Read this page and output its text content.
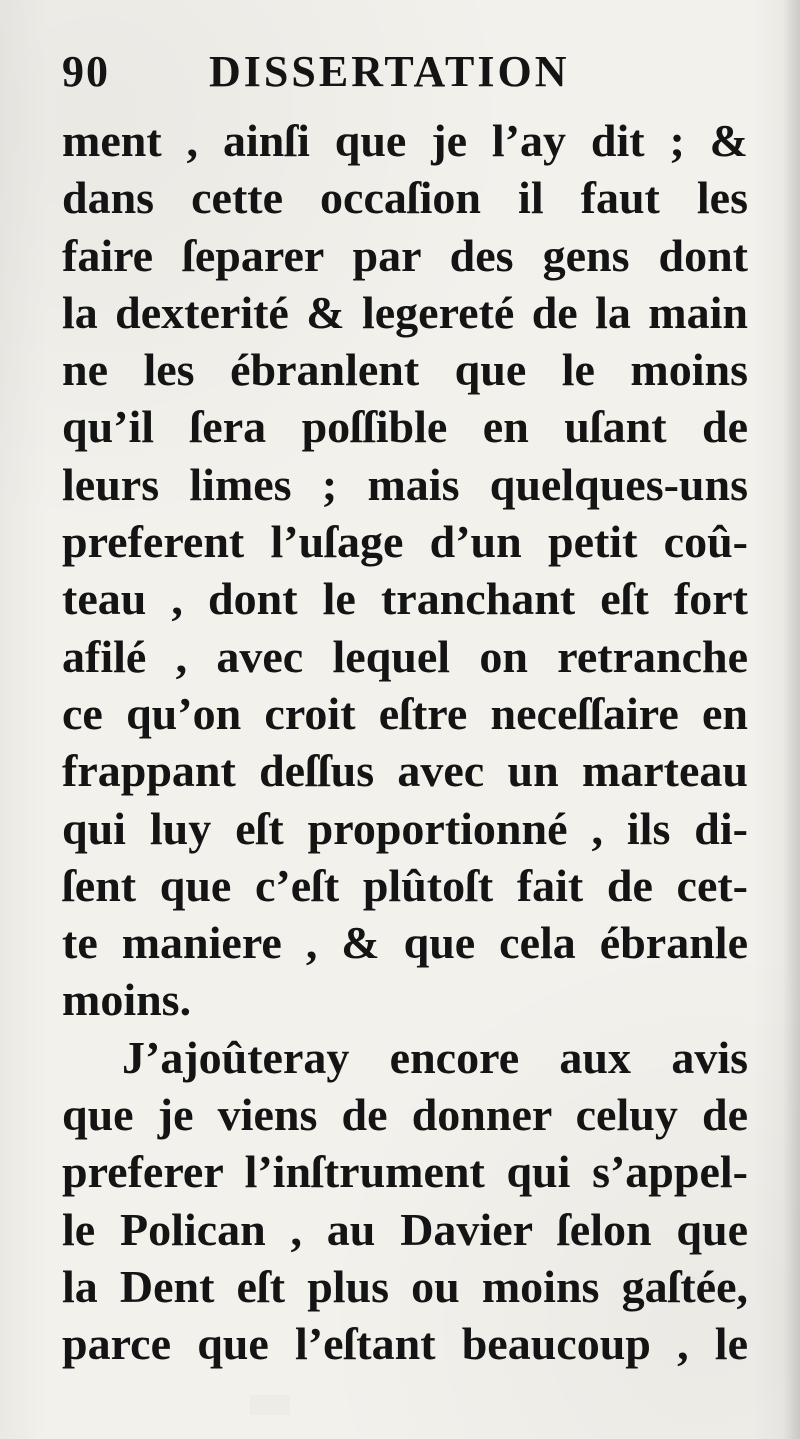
90 DISSERTATION
ment , ainſi que je l’ay dit ; &
dans cette occaſion il faut les
faire ſeparer par des gens dont
la dexterité & legereté de la main
ne les ébranlent que le moins
qu’il ſera poſſible en uſant de
leurs limes ; mais quelques-uns
preferent l’uſage d’un petit coû-
teau , dont le tranchant eſt fort
afilé , avec lequel on retranche
ce qu’on croit eſtre neceſſaire en
frappant deſſus avec un marteau
qui luy eſt proportionné , ils di-
ſent que c’eſt plûtoſt fait de cet-
te maniere , & que cela ébranle
moins.
J’ajoûteray encore aux avis
que je viens de donner celuy de
preferer l’inſtrument qui s’appel-
le Polican , au Davier ſelon que
la Dent eſt plus ou moins gaſtée,
parce que l’eſtant beaucoup , le
